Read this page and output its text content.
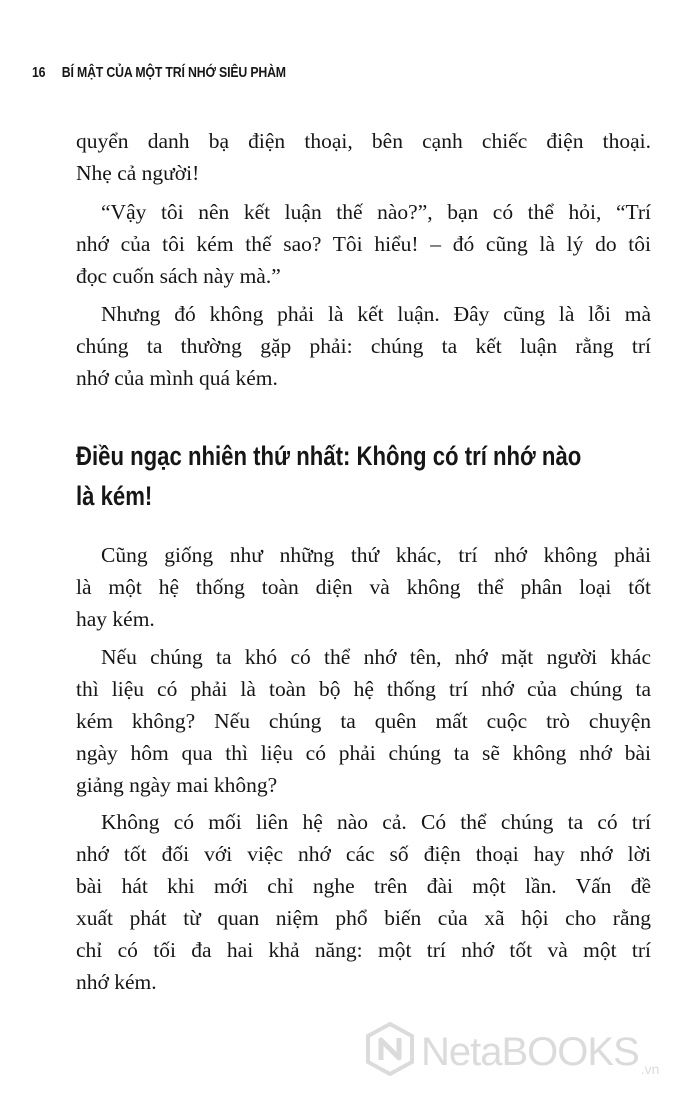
16 BÍ MẬT CỦA MỘT TRÍ NHỚ SIÊU PHÀM

quyển danh bạ điện thoại, bên cạnh chiếc điện thoại.
Nhẹ cả người!

“Vậy tôi nên kết luận thế nào?”, bạn có thể hỏi, “Trí
nhớ của tôi kém thế sao? Tôi hiểu! – đó cũng là lý do tôi
đọc cuốn sách này mà.”

Nhưng đó không phải là kết luận. Đây cũng là lỗi mà
chúng ta thường gặp phải: chúng ta kết luận rằng trí
nhớ của mình quá kém.

Điều ngạc nhiên thứ nhất: Không có trí nhớ nào
là kém!

Cũng giống như những thứ khác, trí nhớ không phải
là một hệ thống toàn diện và không thể phân loại tốt
hay kém.

Nếu chúng ta khó có thể nhớ tên, nhớ mặt người khác
thì liệu có phải là toàn bộ hệ thống trí nhớ của chúng ta
kém không? Nếu chúng ta quên mất cuộc trò chuyện
ngày hôm qua thì liệu có phải chúng ta sẽ không nhớ bài
giảng ngày mai không?

Không có mối liên hệ nào cả. Có thể chúng ta có trí
nhớ tốt đối với việc nhớ các số điện thoại hay nhớ lời
bài hát khi mới chỉ nghe trên đài một lần. Vấn đề
xuất phát từ quan niệm phổ biến của xã hội cho rằng
chỉ có tối đa hai khả năng: một trí nhớ tốt và một trí
nhớ kém.

NetaBOOKS .vn
